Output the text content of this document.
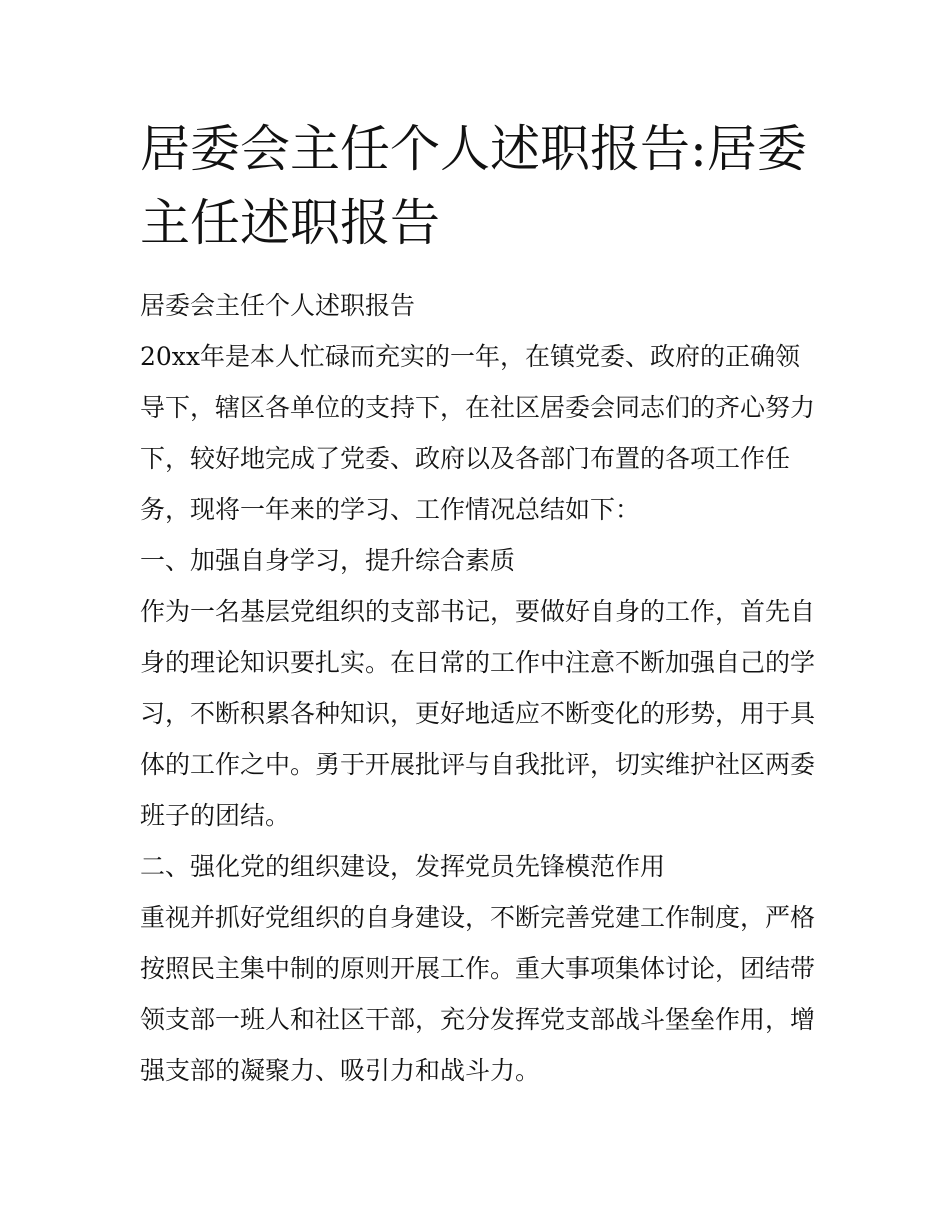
居委会主任个人述职报告:居委主任述职报告

居委会主任个人述职报告

20xx年是本人忙碌而充实的一年，在镇党委、政府的正确领导下，辖区各单位的支持下，在社区居委会同志们的齐心努力下，较好地完成了党委、政府以及各部门布置的各项工作任务，现将一年来的学习、工作情况总结如下：

一、加强自身学习，提升综合素质

作为一名基层党组织的支部书记，要做好自身的工作，首先自身的理论知识要扎实。在日常的工作中注意不断加强自己的学习，不断积累各种知识，更好地适应不断变化的形势，用于具体的工作之中。勇于开展批评与自我批评，切实维护社区两委班子的团结。

二、强化党的组织建设，发挥党员先锋模范作用

重视并抓好党组织的自身建设，不断完善党建工作制度，严格按照民主集中制的原则开展工作。重大事项集体讨论，团结带领支部一班人和社区干部，充分发挥党支部战斗堡垒作用，增强支部的凝聚力、吸引力和战斗力。
